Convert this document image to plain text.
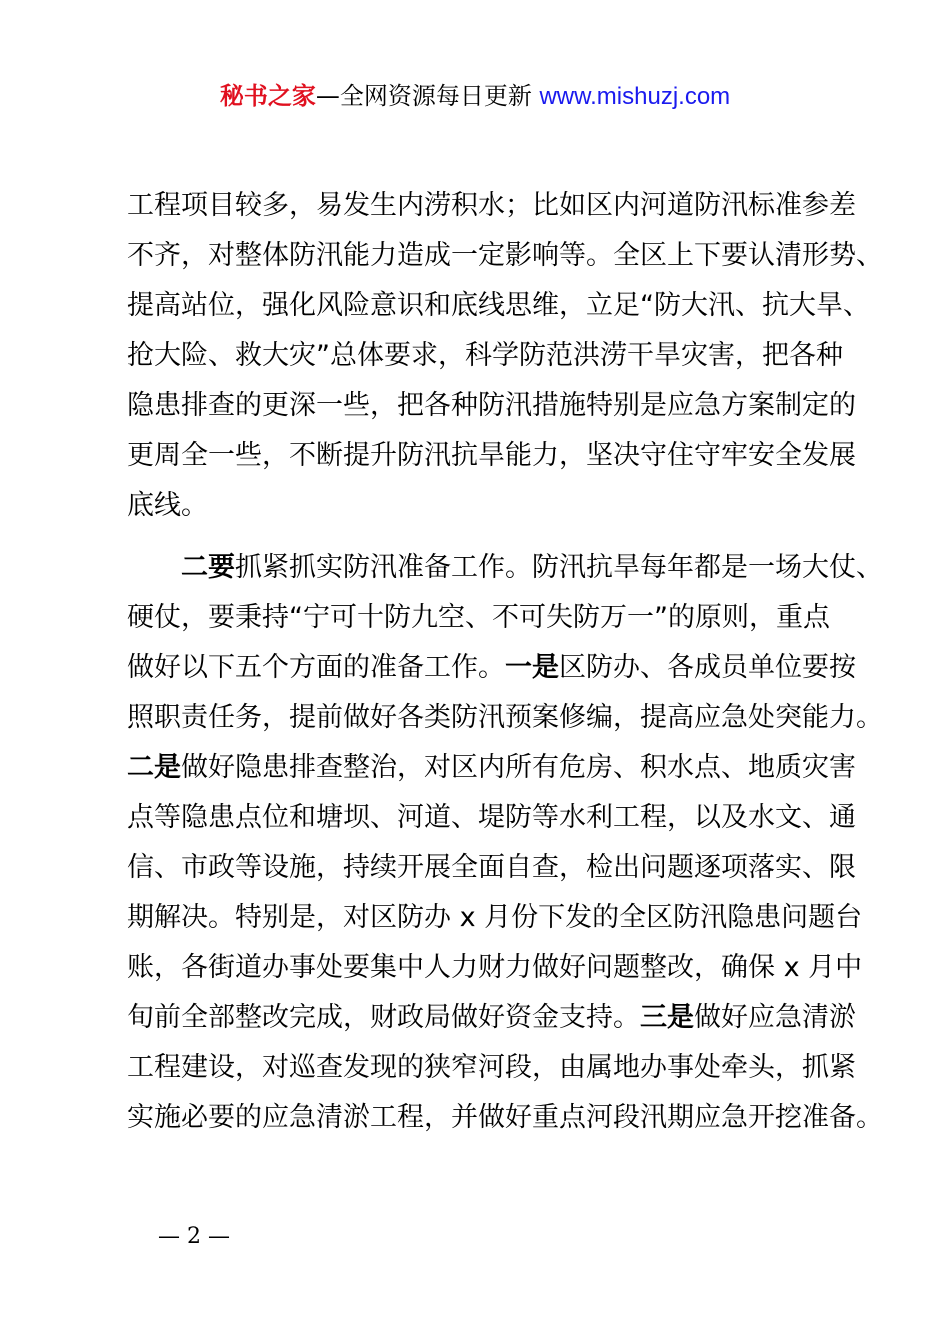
秘书之家—全网资源每日更新 www.mishuzj.com

工程项目较多，易发生内涝积水；比如区内河道防汛标准参差
不齐，对整体防汛能力造成一定影响等。全区上下要认清形势、
提高站位，强化风险意识和底线思维，立足“防大汛、抗大旱、
抢大险、救大灾”总体要求，科学防范洪涝干旱灾害，把各种
隐患排查的更深一些，把各种防汛措施特别是应急方案制定的
更周全一些，不断提升防汛抗旱能力，坚决守住守牢安全发展
底线。

二要抓紧抓实防汛准备工作。防汛抗旱每年都是一场大仗、
硬仗，要秉持“宁可十防九空、不可失防万一”的原则，重点
做好以下五个方面的准备工作。一是区防办、各成员单位要按
照职责任务，提前做好各类防汛预案修编，提高应急处突能力。
二是做好隐患排查整治，对区内所有危房、积水点、地质灾害
点等隐患点位和塘坝、河道、堤防等水利工程，以及水文、通
信、市政等设施，持续开展全面自查，检出问题逐项落实、限
期解决。特别是，对区防办 x 月份下发的全区防汛隐患问题台
账，各街道办事处要集中人力财力做好问题整改，确保 x 月中
旬前全部整改完成，财政局做好资金支持。三是做好应急清淤
工程建设，对巡查发现的狭窄河段，由属地办事处牵头，抓紧
实施必要的应急清淤工程，并做好重点河段汛期应急开挖准备。

— 2 —
